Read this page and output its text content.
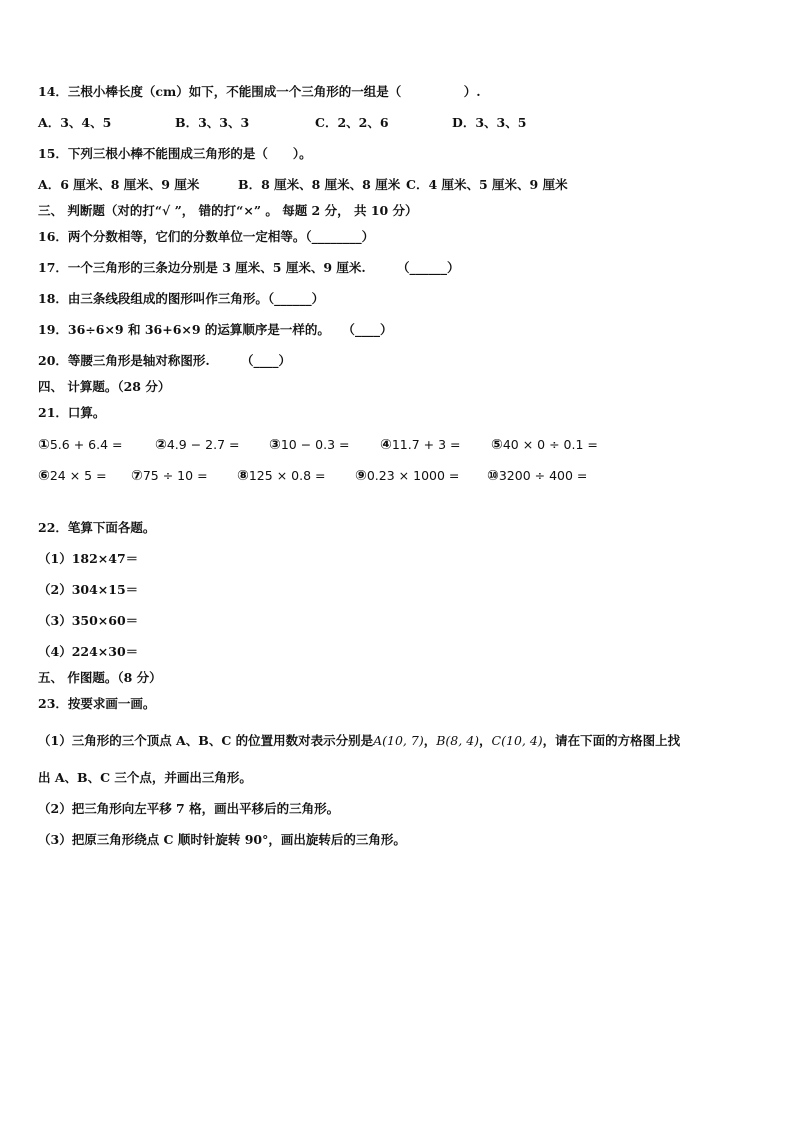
14．三根小棒长度（cm）如下，不能围成一个三角形的一组是（　　　　　）.
A．3、4、5	B．3、3、3	C．2、2、6	D．3、3、5
15．下列三根小棒不能围成三角形的是（　　）。
A．6 厘米、8 厘米、9 厘米	B．8 厘米、8 厘米、8 厘米 C．4 厘米、5 厘米、9 厘米
三、 判断题（对的打“√ ”， 错的打“×” 。 每题 2 分， 共 10 分）
16．两个分数相等，它们的分数单位一定相等。（________）
17．一个三角形的三条边分别是 3 厘米、5 厘米、9 厘米.　　　（______）
18．由三条线段组成的图形叫作三角形。（______）
19．36÷6×9 和 36+6×9 的运算顺序是一样的。　　（____）
20．等腰三角形是轴对称图形.　　　（____）
四、 计算题。（28 分）
21．口算。
①5.6 + 6.4 = ②4.9 − 2.7 = ③10 − 0.3 = ④11.7 + 3 = ⑤40 × 0 ÷ 0.1 =
⑥24 × 5 = ⑦75 ÷ 10 = ⑧125 × 0.8 = ⑨0.23 × 1000 = ⑩3200 ÷ 400 =
22．笔算下面各题。
（1）182×47＝
（2）304×15＝
（3）350×60＝
（4）224×30＝
五、 作图题。（8 分）
23．按要求画一画。
（1）三角形的三个顶点 A、B、C 的位置用数对表示分别是A(10, 7)，B(8, 4)，C(10, 4)，请在下面的方格图上找
出 A、B、C 三个点，并画出三角形。
（2）把三角形向左平移 7 格，画出平移后的三角形。
（3）把原三角形绕点 C 顺时针旋转 90°，画出旋转后的三角形。
